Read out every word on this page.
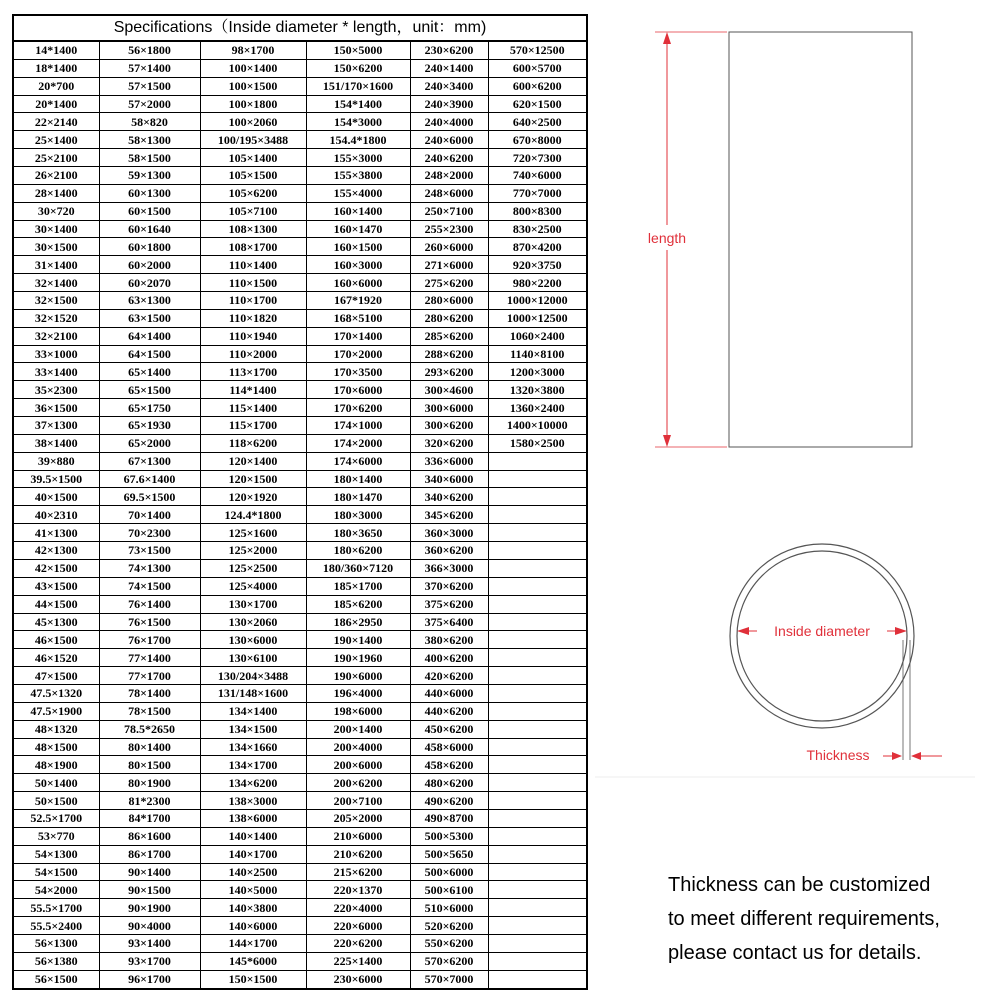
Specifications（Inside diameter * length，unit：mm)
14*1400	56×1800	98×1700	150×5000	230×6200	570×12500
18*1400	57×1400	100×1400	150×6200	240×1400	600×5700
20*700	57×1500	100×1500	151/170×1600	240×3400	600×6200
20*1400	57×2000	100×1800	154*1400	240×3900	620×1500
22×2140	58×820	100×2060	154*3000	240×4000	640×2500
25×1400	58×1300	100/195×3488	154.4*1800	240×6000	670×8000
25×2100	58×1500	105×1400	155×3000	240×6200	720×7300
26×2100	59×1300	105×1500	155×3800	248×2000	740×6000
28×1400	60×1300	105×6200	155×4000	248×6000	770×7000
30×720	60×1500	105×7100	160×1400	250×7100	800×8300
30×1400	60×1640	108×1300	160×1470	255×2300	830×2500
30×1500	60×1800	108×1700	160×1500	260×6000	870×4200
31×1400	60×2000	110×1400	160×3000	271×6000	920×3750
32×1400	60×2070	110×1500	160×6000	275×6200	980×2200
32×1500	63×1300	110×1700	167*1920	280×6000	1000×12000
32×1520	63×1500	110×1820	168×5100	280×6200	1000×12500
32×2100	64×1400	110×1940	170×1400	285×6200	1060×2400
33×1000	64×1500	110×2000	170×2000	288×6200	1140×8100
33×1400	65×1400	113×1700	170×3500	293×6200	1200×3000
35×2300	65×1500	114*1400	170×6000	300×4600	1320×3800
36×1500	65×1750	115×1400	170×6200	300×6000	1360×2400
37×1300	65×1930	115×1700	174×1000	300×6200	1400×10000
38×1400	65×2000	118×6200	174×2000	320×6200	1580×2500
39×880	67×1300	120×1400	174×6000	336×6000	
39.5×1500	67.6×1400	120×1500	180×1400	340×6000	
40×1500	69.5×1500	120×1920	180×1470	340×6200	
40×2310	70×1400	124.4*1800	180×3000	345×6200	
41×1300	70×2300	125×1600	180×3650	360×3000	
42×1300	73×1500	125×2000	180×6200	360×6200	
42×1500	74×1300	125×2500	180/360×7120	366×3000	
43×1500	74×1500	125×4000	185×1700	370×6200	
44×1500	76×1400	130×1700	185×6200	375×6200	
45×1300	76×1500	130×2060	186×2950	375×6400	
46×1500	76×1700	130×6000	190×1400	380×6200	
46×1520	77×1400	130×6100	190×1960	400×6200	
47×1500	77×1700	130/204×3488	190×6000	420×6200	
47.5×1320	78×1400	131/148×1600	196×4000	440×6000	
47.5×1900	78×1500	134×1400	198×6000	440×6200	
48×1320	78.5*2650	134×1500	200×1400	450×6200	
48×1500	80×1400	134×1660	200×4000	458×6000	
48×1900	80×1500	134×1700	200×6000	458×6200	
50×1400	80×1900	134×6200	200×6200	480×6200	
50×1500	81*2300	138×3000	200×7100	490×6200	
52.5×1700	84*1700	138×6000	205×2000	490×8700	
53×770	86×1600	140×1400	210×6000	500×5300	
54×1300	86×1700	140×1700	210×6200	500×5650	
54×1500	90×1400	140×2500	215×6200	500×6000	
54×2000	90×1500	140×5000	220×1370	500×6100	
55.5×1700	90×1900	140×3800	220×4000	510×6000	
55.5×2400	90×4000	140×6000	220×6000	520×6200	
56×1300	93×1400	144×1700	220×6200	550×6200	
56×1380	93×1700	145*6000	225×1400	570×6200	
56×1500	96×1700	150×1500	230×6000	570×7000	
length
Inside diameter
Thickness
Thickness can be customized
to meet different requirements,
please contact us for details.
